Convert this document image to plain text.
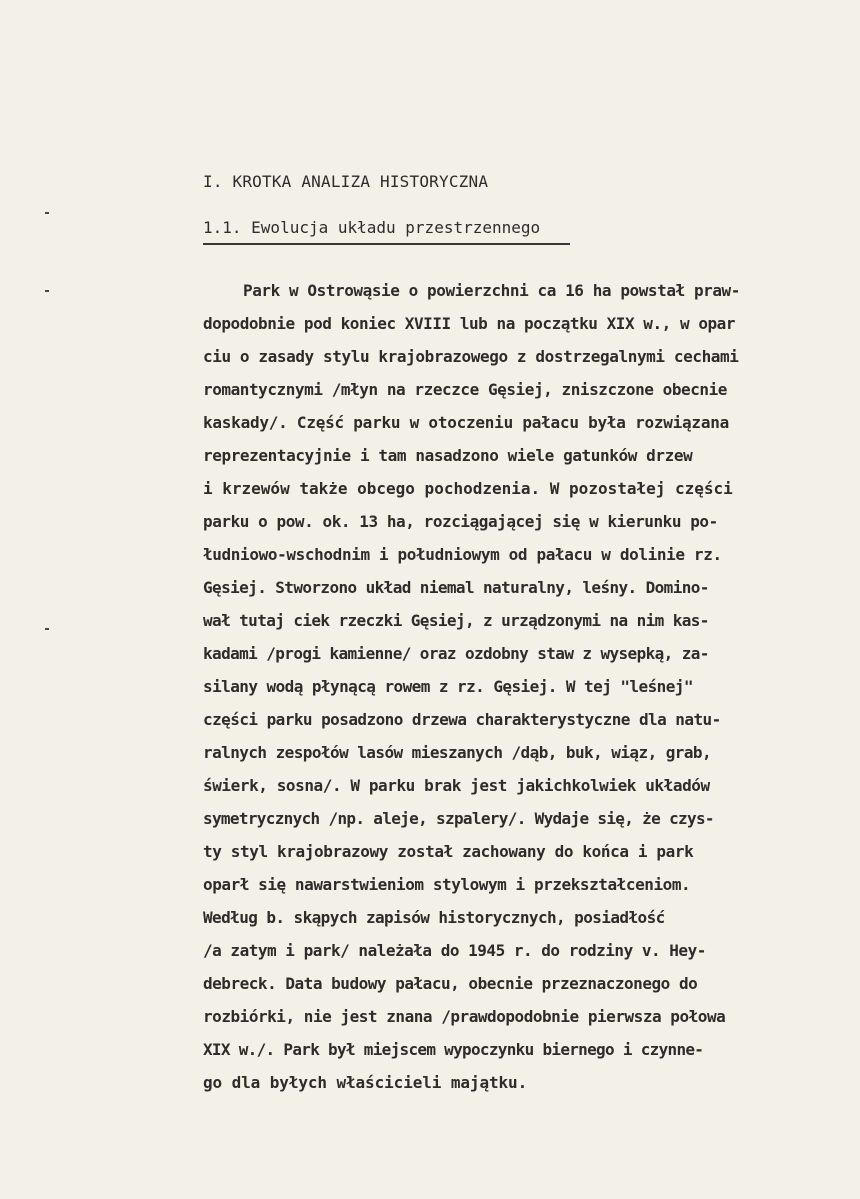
I. KROTKA ANALIZA HISTORYCZNA
1.1. Ewolucja układu przestrzennego
Park w Ostrowąsie o powierzchni ca 16 ha powstał praw-
dopodobnie pod koniec XVIII lub na początku XIX w., w opar
ciu o zasady stylu krajobrazowego z dostrzegalnymi cechami
romantycznymi /młyn na rzeczce Gęsiej, zniszczone obecnie
kaskady/. Część parku w otoczeniu pałacu była rozwiązana
reprezentacyjnie i tam nasadzono wiele gatunków drzew
i krzewów także obcego pochodzenia. W pozostałej części
parku o pow. ok. 13 ha, rozciągającej się w kierunku po-
łudniowo-wschodnim i południowym od pałacu w dolinie rz.
Gęsiej. Stworzono układ niemal naturalny, leśny. Domino-
wał tutaj ciek rzeczki Gęsiej, z urządzonymi na nim kas-
kadami /progi kamienne/ oraz ozdobny staw z wysepką, za-
silany wodą płynącą rowem z rz. Gęsiej. W tej "leśnej"
części parku posadzono drzewa charakterystyczne dla natu-
ralnych zespołów lasów mieszanych /dąb, buk, wiąz, grab,
świerk, sosna/. W parku brak jest jakichkolwiek układów
symetrycznych /np. aleje, szpalery/. Wydaje się, że czys-
ty styl krajobrazowy został zachowany do końca i park
oparł się nawarstwieniom stylowym i przekształceniom.
Według b. skąpych zapisów historycznych, posiadłość
/a zatym i park/ należała do 1945 r. do rodziny v. Hey-
debreck. Data budowy pałacu, obecnie przeznaczonego do
rozbiórki, nie jest znana /prawdopodobnie pierwsza połowa
XIX w./. Park był miejscem wypoczynku biernego i czynne-
go dla byłych właścicieli majątku.
